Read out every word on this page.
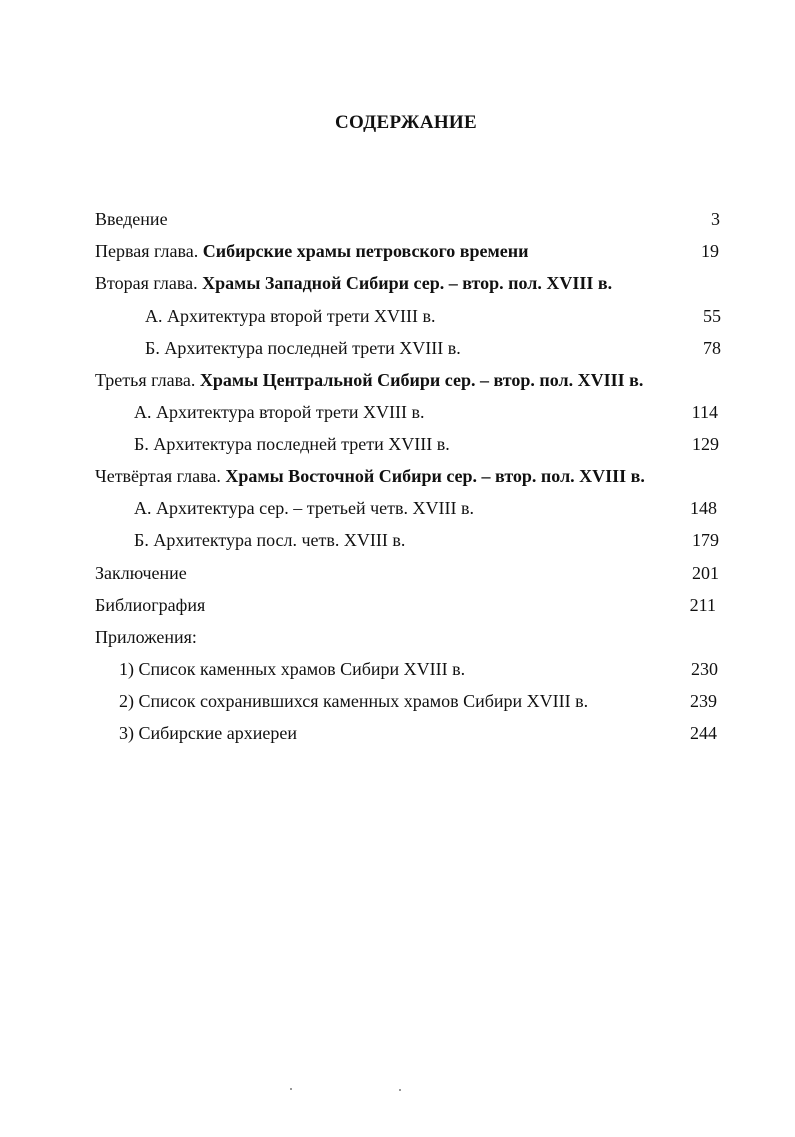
СОДЕРЖАНИЕ
Введение	3
Первая глава. Сибирские храмы петровского времени	19
Вторая глава. Храмы Западной Сибири сер. – втор. пол. XVIII в.
А. Архитектура второй трети XVIII в.	55
Б. Архитектура последней трети XVIII в.	78
Третья глава. Храмы Центральной Сибири сер. – втор. пол. XVIII в.
А. Архитектура второй трети XVIII в.	114
Б. Архитектура последней трети XVIII в.	129
Четвёртая глава. Храмы Восточной Сибири сер. – втор. пол. XVIII в.
А. Архитектура сер. – третьей четв. XVIII в.	148
Б. Архитектура посл. четв. XVIII в.	179
Заключение	201
Библиография	211
Приложения:
1) Список каменных храмов Сибири XVIII в.	230
2) Список сохранившихся каменных храмов Сибири XVIII в.	239
3) Сибирские архиереи	244
